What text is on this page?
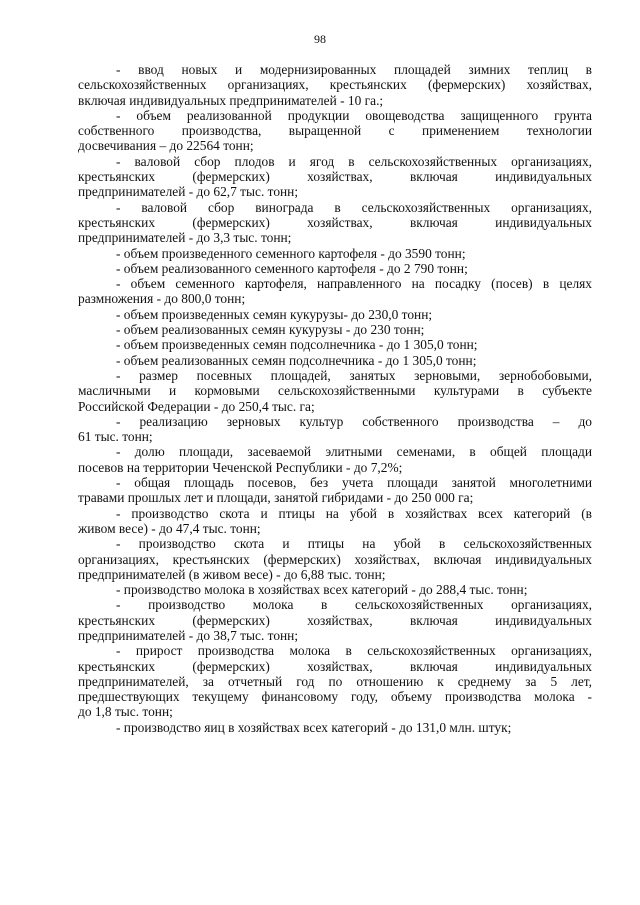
98
- ввод новых и модернизированных площадей зимних теплиц в
сельскохозяйственных организациях, крестьянских (фермерских) хозяйствах,
включая индивидуальных предпринимателей - 10 га.;
- объем реализованной продукции овощеводства защищенного грунта
собственного производства, выращенной с применением технологии
досвечивания – до 22564 тонн;
- валовой сбор плодов и ягод в сельскохозяйственных организациях,
крестьянских (фермерских) хозяйствах, включая индивидуальных
предпринимателей - до 62,7 тыс. тонн;
- валовой сбор винограда в сельскохозяйственных организациях,
крестьянских (фермерских) хозяйствах, включая индивидуальных
предпринимателей - до 3,3 тыс. тонн;
- объем произведенного семенного картофеля - до 3590 тонн;
- объем реализованного семенного картофеля - до 2 790 тонн;
- объем семенного картофеля, направленного на посадку (посев) в целях
размножения - до 800,0 тонн;
- объем произведенных семян кукурузы- до 230,0 тонн;
- объем реализованных семян кукурузы - до 230 тонн;
- объем произведенных семян подсолнечника - до 1 305,0 тонн;
- объем реализованных семян подсолнечника - до 1 305,0 тонн;
- размер посевных площадей, занятых зерновыми, зернобобовыми,
масличными и кормовыми сельскохозяйственными культурами в субъекте
Российской Федерации - до 250,4 тыс. га;
- реализацию зерновых культур собственного производства – до
61 тыс. тонн;
- долю площади, засеваемой элитными семенами, в общей площади
посевов на территории Чеченской Республики - до 7,2%;
- общая площадь посевов, без учета площади занятой многолетними
травами прошлых лет и площади, занятой гибридами - до 250 000 га;
- производство скота и птицы на убой в хозяйствах всех категорий (в
живом весе) - до 47,4 тыс. тонн;
- производство скота и птицы на убой в сельскохозяйственных
организациях, крестьянских (фермерских) хозяйствах, включая индивидуальных
предпринимателей (в живом весе) - до 6,88 тыс. тонн;
- производство молока в хозяйствах всех категорий - до 288,4 тыс. тонн;
- производство молока в сельскохозяйственных организациях,
крестьянских (фермерских) хозяйствах, включая индивидуальных
предпринимателей - до 38,7 тыс. тонн;
- прирост производства молока в сельскохозяйственных организациях,
крестьянских (фермерских) хозяйствах, включая индивидуальных
предпринимателей, за отчетный год по отношению к среднему за 5 лет,
предшествующих текущему финансовому году, объему производства молока -
до 1,8 тыс. тонн;
- производство яиц в хозяйствах всех категорий - до 131,0 млн. штук;
